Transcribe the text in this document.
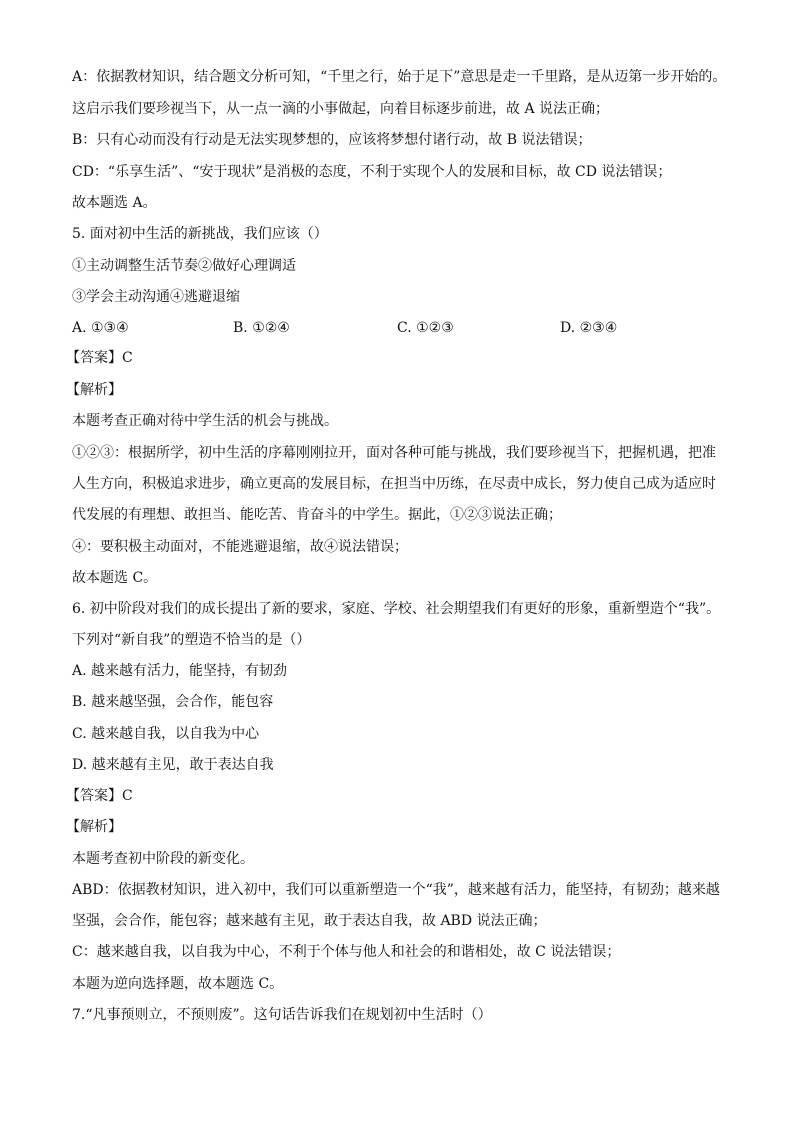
A：依据教材知识，结合题文分析可知，“千里之行，始于足下”意思是走一千里路，是从迈第一步开始的。
这启示我们要珍视当下，从一点一滴的小事做起，向着目标逐步前进，故 A 说法正确；
B：只有心动而没有行动是无法实现梦想的，应该将梦想付诸行动，故 B 说法错误；
CD：“乐享生活”、“安于现状”是消极的态度，不利于实现个人的发展和目标，故 CD 说法错误；
故本题选 A。
5. 面对初中生活的新挑战，我们应该（）
①主动调整生活节奏②做好心理调适
③学会主动沟通④逃避退缩
A. ①③④	B. ①②④	C. ①②③	D. ②③④
【答案】C
【解析】
本题考查正确对待中学生活的机会与挑战。
①②③：根据所学，初中生活的序幕刚刚拉开，面对各种可能与挑战，我们要珍视当下，把握机遇，把准
人生方向，积极追求进步，确立更高的发展目标，在担当中历练，在尽责中成长，努力使自己成为适应时
代发展的有理想、敢担当、能吃苦、肯奋斗的中学生。据此，①②③说法正确；
④：要积极主动面对，不能逃避退缩，故④说法错误；
故本题选 C。
6. 初中阶段对我们的成长提出了新的要求，家庭、学校、社会期望我们有更好的形象，重新塑造个“我”。
下列对“新自我”的塑造不恰当的是（）
A. 越来越有活力，能坚持，有韧劲
B. 越来越坚强，会合作，能包容
C. 越来越自我，以自我为中心
D. 越来越有主见，敢于表达自我
【答案】C
【解析】
本题考查初中阶段的新变化。
ABD：依据教材知识，进入初中，我们可以重新塑造一个“我”，越来越有活力，能坚持，有韧劲；越来越
坚强，会合作，能包容；越来越有主见，敢于表达自我，故 ABD 说法正确；
C：越来越自我，以自我为中心，不利于个体与他人和社会的和谐相处，故 C 说法错误；
本题为逆向选择题，故本题选 C。
7.“凡事预则立，不预则废”。这句话告诉我们在规划初中生活时（）
